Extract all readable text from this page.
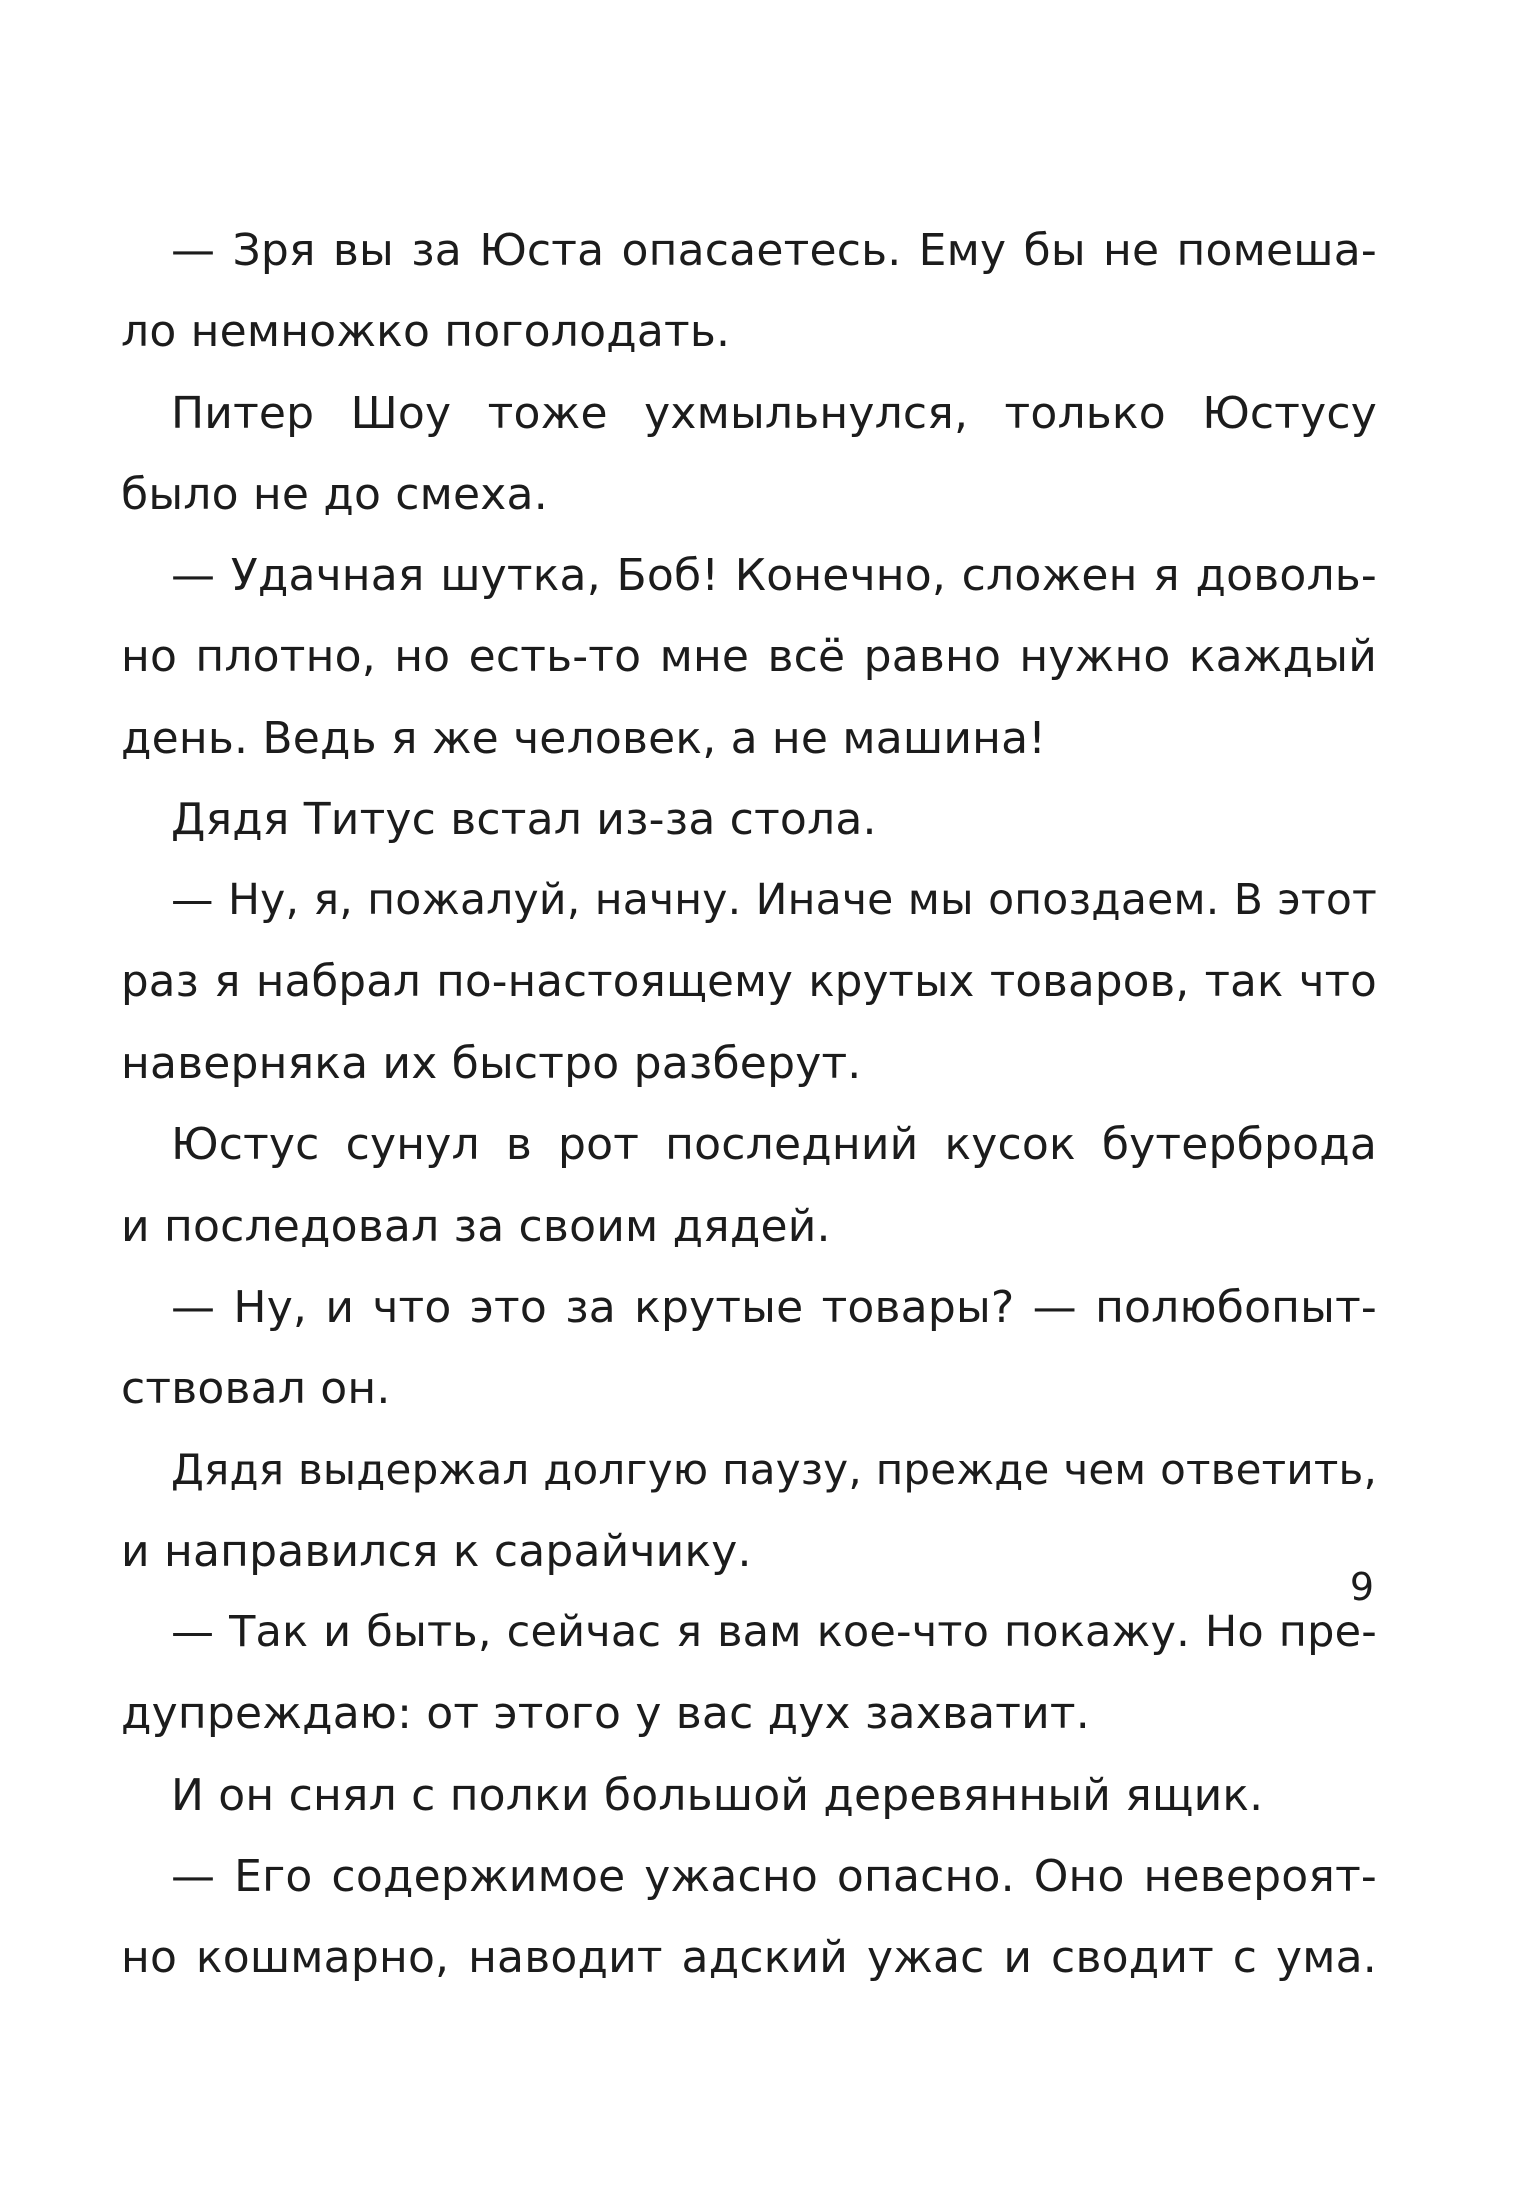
— Зря вы за Юста опасаетесь. Ему бы не помеша-
ло немножко поголодать.
Питер Шоу тоже ухмыльнулся, только Юстусу
было не до смеха.
— Удачная шутка, Боб! Конечно, сложен я доволь-
но плотно, но есть-то мне всё равно нужно каждый
день. Ведь я же человек, а не машина!
Дядя Титус встал из-за стола.
— Ну, я, пожалуй, начну. Иначе мы опоздаем. В этот
раз я набрал по-настоящему крутых товаров, так что
наверняка их быстро разберут.
Юстус сунул в рот последний кусок бутерброда
и последовал за своим дядей.
— Ну, и что это за крутые товары? — полюбопыт-
ствовал он.
Дядя выдержал долгую паузу, прежде чем ответить,
и направился к сарайчику.
— Так и быть, сейчас я вам кое-что покажу. Но пре-
дупреждаю: от этого у вас дух захватит.
И он снял с полки большой деревянный ящик.
— Его содержимое ужасно опасно. Оно невероят-
но кошмарно, наводит адский ужас и сводит с ума.
9
